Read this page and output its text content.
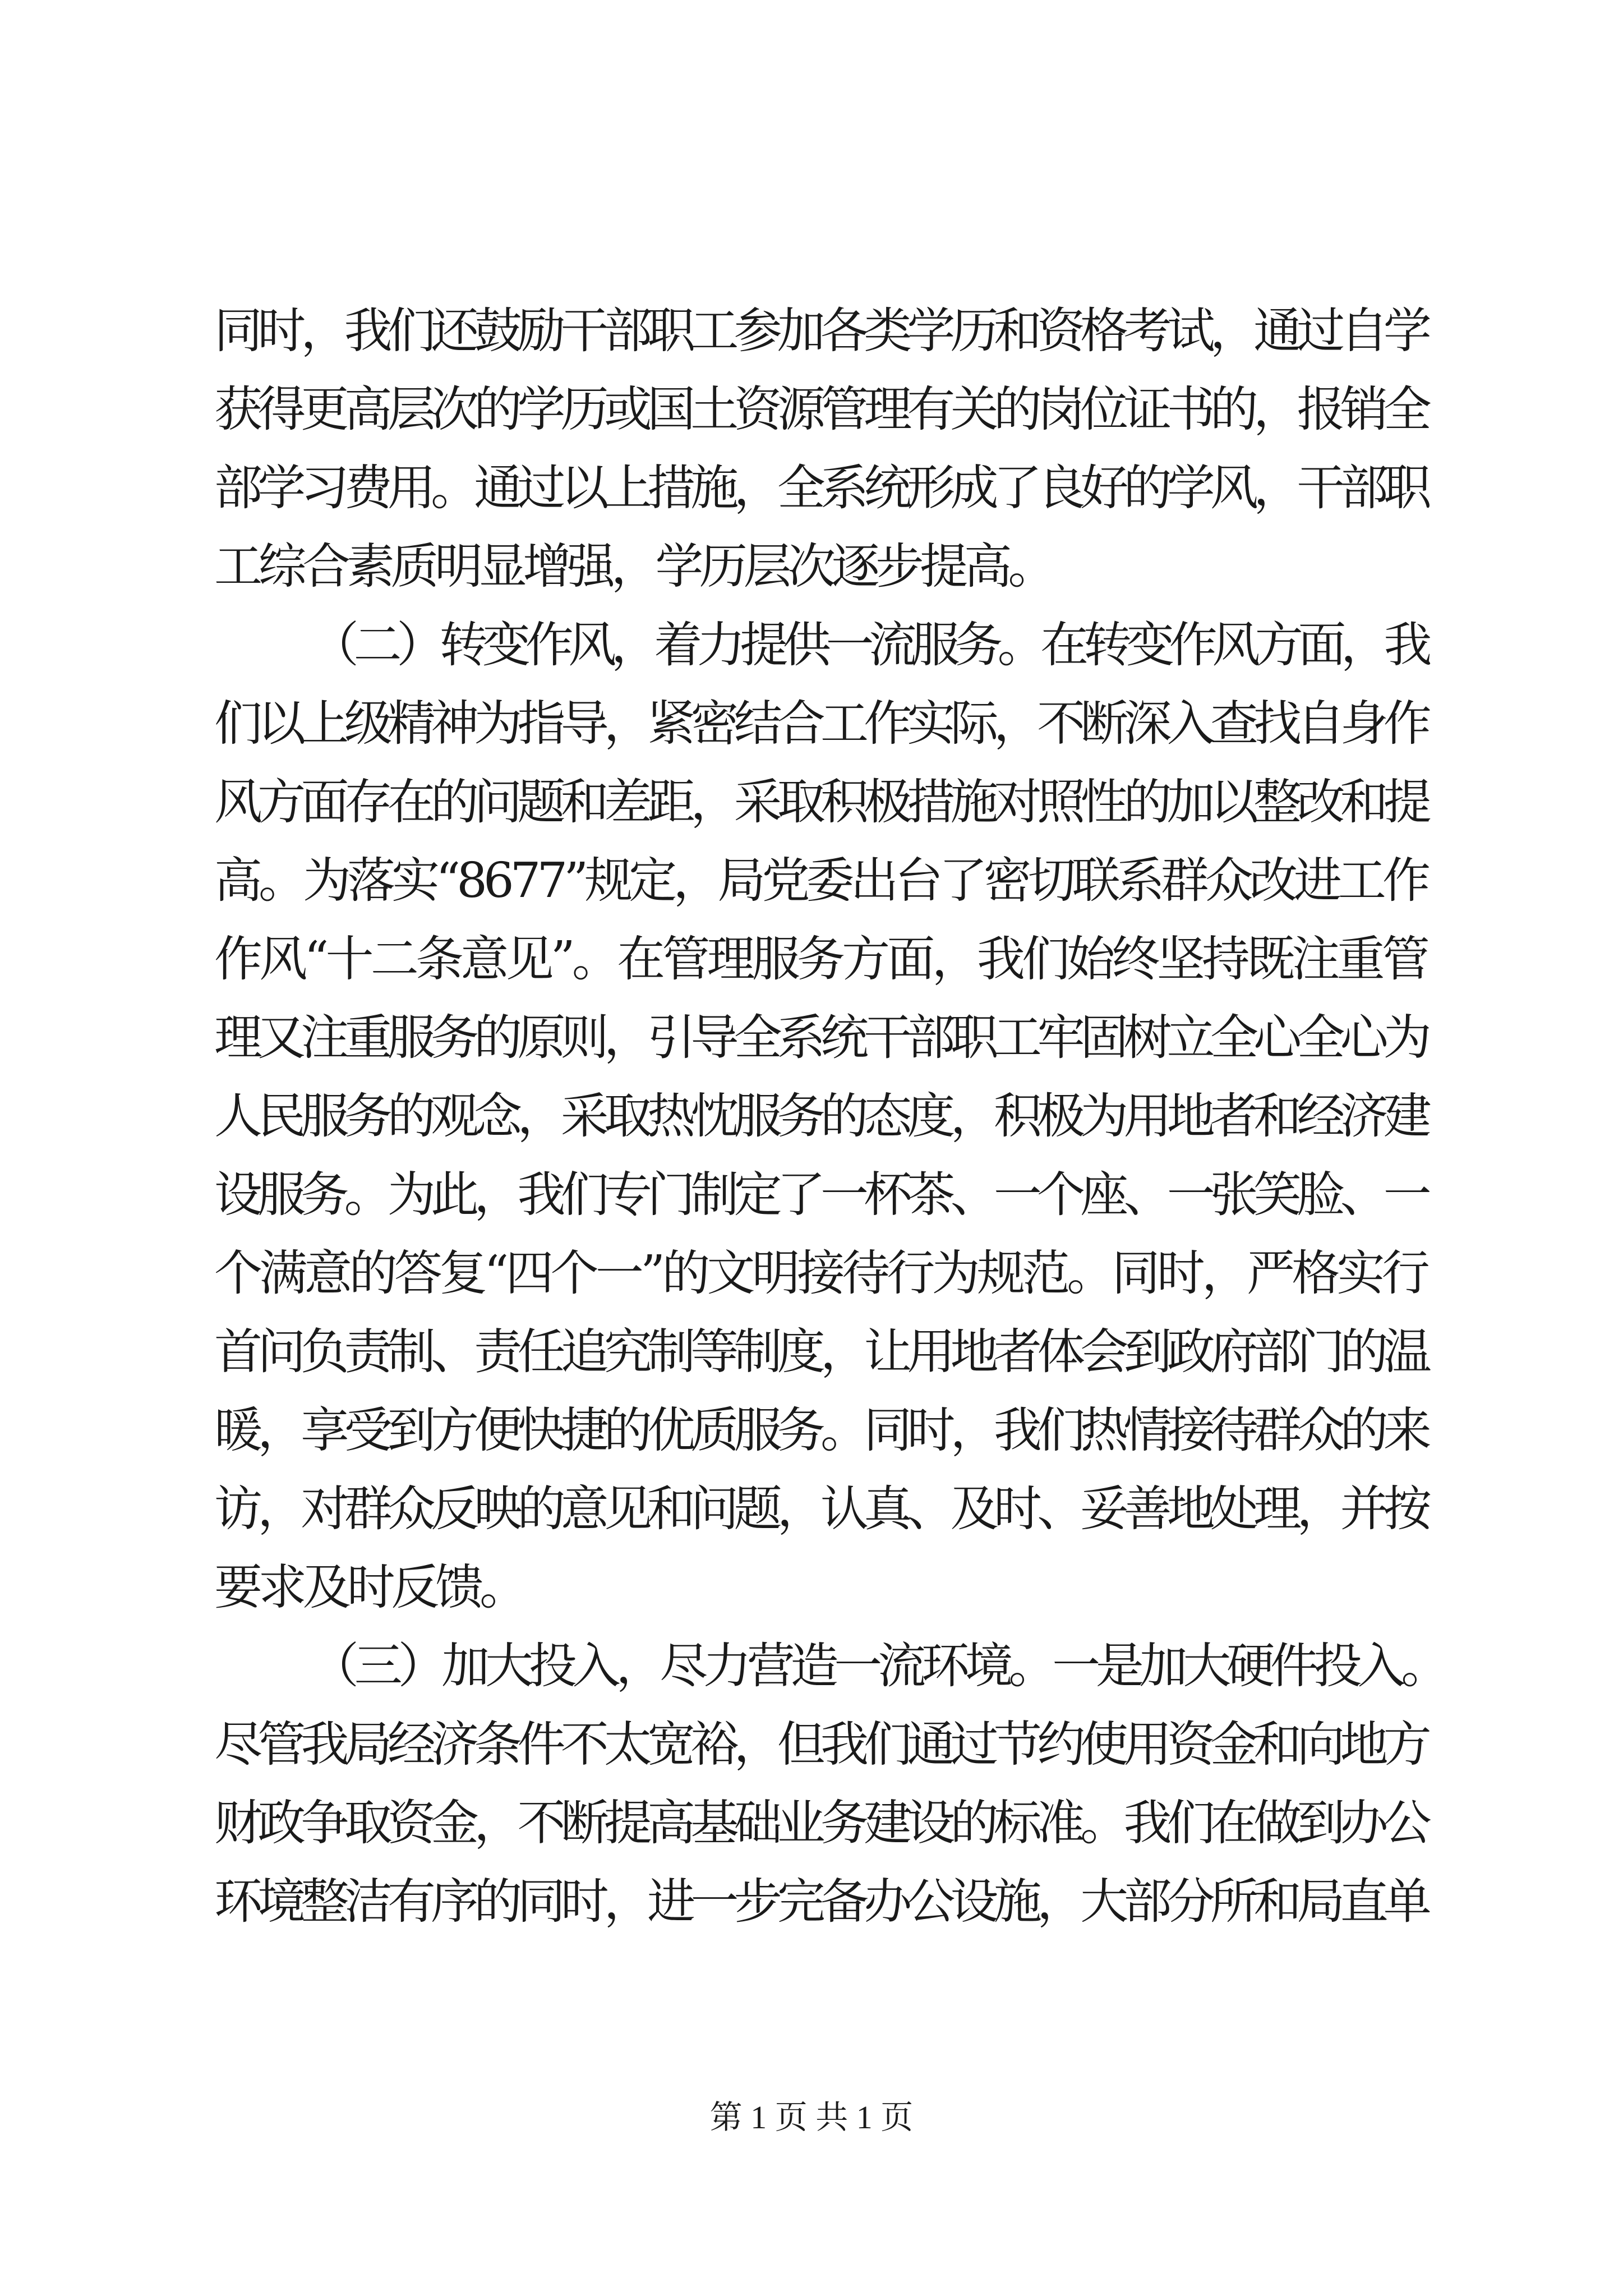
同时，我们还鼓励干部职工参加各类学历和资格考试，通过自学
获得更高层次的学历或国土资源管理有关的岗位证书的，报销全
部学习费用。通过以上措施，全系统形成了良好的学风，干部职
工综合素质明显增强，学历层次逐步提高。
（二）转变作风，着力提供一流服务。在转变作风方面，我
们以上级精神为指导，紧密结合工作实际，不断深入查找自身作
风方面存在的问题和差距，采取积极措施对照性的加以整改和提
高。为落实“8677”规定，局党委出台了密切联系群众改进工作
作风“十二条意见”。在管理服务方面，我们始终坚持既注重管
理又注重服务的原则，引导全系统干部职工牢固树立全心全心为
人民服务的观念，采取热忱服务的态度，积极为用地者和经济建
设服务。为此，我们专门制定了一杯茶、一个座、一张笑脸、一
个满意的答复“四个一”的文明接待行为规范。同时，严格实行
首问负责制、责任追究制等制度，让用地者体会到政府部门的温
暖，享受到方便快捷的优质服务。同时，我们热情接待群众的来
访，对群众反映的意见和问题，认真、及时、妥善地处理，并按
要求及时反馈。
（三）加大投入，尽力营造一流环境。一是加大硬件投入。
尽管我局经济条件不太宽裕，但我们通过节约使用资金和向地方
财政争取资金，不断提高基础业务建设的标准。我们在做到办公
环境整洁有序的同时，进一步完备办公设施，大部分所和局直单
第 1 页 共 1 页
